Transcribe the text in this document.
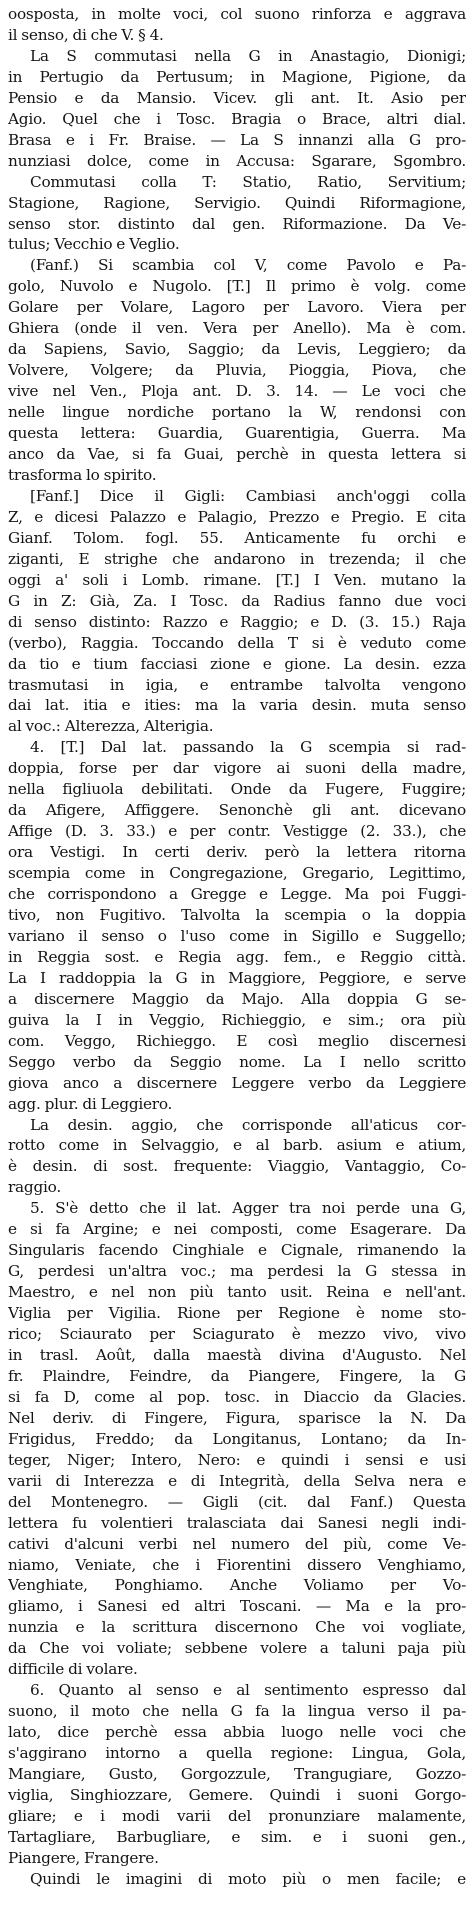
oosposta, in molte voci, col suono rinforza e aggrava
il senso, di che V. § 4.
La S commutasi nella G in Anastagio, Dionigi;
in Pertugio da Pertusum; in Magione, Pigione, da
Pensio e da Mansio. Vicev. gli ant. It. Asio per
Agio. Quel che i Tosc. Bragia o Brace, altri dial.
Brasa e i Fr. Braise. — La S innanzi alla G pro-
nunziasi dolce, come in Accusa: Sgarare, Sgombro.
Commutasi colla T: Statio, Ratio, Servitium;
Stagione, Ragione, Servigio. Quindi Riformagione,
senso stor. distinto dal gen. Riformazione. Da Ve-
tulus; Vecchio e Veglio.
(Fanf.) Si scambia col V, come Pavolo e Pa-
golo, Nuvolo e Nugolo. [T.] Il primo è volg. come
Golare per Volare, Lagoro per Lavoro. Viera per
Ghiera (onde il ven. Vera per Anello). Ma è com.
da Sapiens, Savio, Saggio; da Levis, Leggiero; da
Volvere, Volgere; da Pluvia, Pioggia, Piova, che
vive nel Ven., Ploja ant. D. 3. 14. — Le voci che
nelle lingue nordiche portano la W, rendonsi con
questa lettera: Guardia, Guarentigia, Guerra. Ma
anco da Vae, si fa Guai, perchè in questa lettera si
trasforma lo spirito.
[Fanf.] Dice il Gigli: Cambiasi anch'oggi colla
Z, e dicesi Palazzo e Palagio, Prezzo e Pregio. E cita
Gianf. Tolom. fogl. 55. Anticamente fu orchi e
ziganti, E strighe che andarono in trezenda; il che
oggi a' soli i Lomb. rimane. [T.] I Ven. mutano la
G in Z: Già, Za. I Tosc. da Radius fanno due voci
di senso distinto: Razzo e Raggio; e D. (3. 15.) Raja
(verbo), Raggia. Toccando della T si è veduto come
da tio e tium facciasi zione e gione. La desin. ezza
trasmutasi in igia, e entrambe talvolta vengono
dai lat. itia e ities: ma la varia desin. muta senso
al voc.: Alterezza, Alterigia.
4. [T.] Dal lat. passando la G scempia si rad-
doppia, forse per dar vigore ai suoni della madre,
nella figliuola debilitati. Onde da Fugere, Fuggire;
da Afigere, Affiggere. Senonchè gli ant. dicevano
Affige (D. 3. 33.) e per contr. Vestigge (2. 33.), che
ora Vestigi. In certi deriv. però la lettera ritorna
scempia come in Congregazione, Gregario, Legittimo,
che corrispondono a Gregge e Legge. Ma poi Fuggi-
tivo, non Fugitivo. Talvolta la scempia o la doppia
variano il senso o l'uso come in Sigillo e Suggello;
in Reggia sost. e Regia agg. fem., e Reggio città.
La I raddoppia la G in Maggiore, Peggiore, e serve
a discernere Maggio da Majo. Alla doppia G se-
guiva la I in Veggio, Richieggio, e sim.; ora più
com. Veggo, Richieggo. E così meglio discernesi
Seggo verbo da Seggio nome. La I nello scritto
giova anco a discernere Leggere verbo da Leggiere
agg. plur. di Leggiero.
La desin. aggio, che corrisponde all'aticus cor-
rotto come in Selvaggio, e al barb. asium e atium,
è desin. di sost. frequente: Viaggio, Vantaggio, Co-
raggio.
5. S'è detto che il lat. Agger tra noi perde una G,
e si fa Argine; e nei composti, come Esagerare. Da
Singularis facendo Cinghiale e Cignale, rimanendo la
G, perdesi un'altra voc.; ma perdesi la G stessa in
Maestro, e nel non più tanto usit. Reina e nell'ant.
Viglia per Vigilia. Rione per Regione è nome sto-
rico; Sciaurato per Sciagurato è mezzo vivo, vivo
in trasl. Août, dalla maestà divina d'Augusto. Nel
fr. Plaindre, Feindre, da Piangere, Fingere, la G
si fa D, come al pop. tosc. in Diaccio da Glacies.
Nel deriv. di Fingere, Figura, sparisce la N. Da
Frigidus, Freddo; da Longitanus, Lontano; da In-
teger, Niger; Intero, Nero: e quindi i sensi e usi
varii di Interezza e di Integrità, della Selva nera e
del Montenegro. — Gigli (cit. dal Fanf.) Questa
lettera fu volentieri tralasciata dai Sanesi negli indi-
cativi d'alcuni verbi nel numero del più, come Ve-
niamo, Veniate, che i Fiorentini dissero Venghiamo,
Venghiate, Ponghiamo. Anche Voliamo per Vo-
gliamo, i Sanesi ed altri Toscani. — Ma e la pro-
nunzia e la scrittura discernono Che voi vogliate,
da Che voi voliate; sebbene volere a taluni paja più
difficile di volare.
6. Quanto al senso e al sentimento espresso dal
suono, il moto che nella G fa la lingua verso il pa-
lato, dice perchè essa abbia luogo nelle voci che
s'aggirano intorno a quella regione: Lingua, Gola,
Mangiare, Gusto, Gorgozzule, Trangugiare, Gozzo-
viglia, Singhiozzare, Gemere. Quindi i suoni Gorgo-
gliare; e i modi varii del pronunziare malamente,
Tartagliare, Barbugliare, e sim. e i suoni gen.,
Piangere, Frangere.
Quindi le imagini di moto più o men facile; e
